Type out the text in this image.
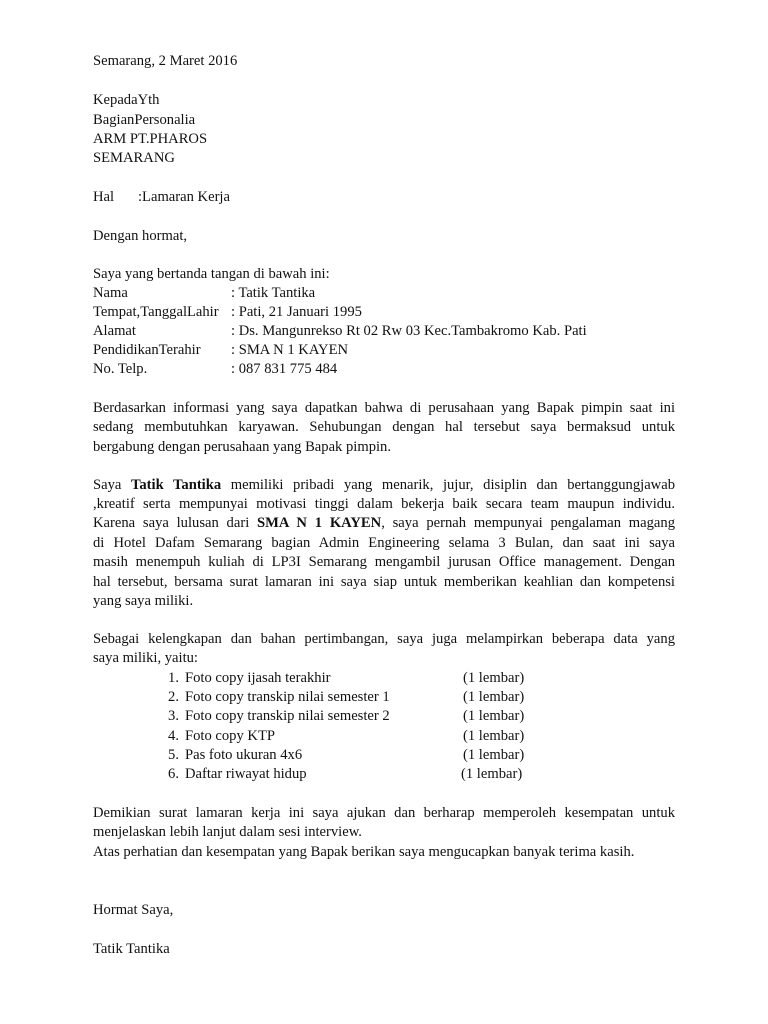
Semarang, 2 Maret 2016
KepadaYth
BagianPersonalia
ARM PT.PHAROS
SEMARANG
Hal :Lamaran Kerja
Dengan hormat,
Saya yang bertanda tangan di bawah ini:
Nama	: Tatik Tantika
Tempat,TanggalLahir : Pati, 21 Januari 1995
Alamat	: Ds. Mangunrekso Rt 02 Rw 03 Kec.Tambakromo Kab. Pati
PendidikanTerahir : SMA N 1 KAYEN
No. Telp.	: 087 831 775 484
Berdasarkan informasi yang saya dapatkan bahwa di perusahaan yang Bapak pimpin saat ini
sedang membutuhkan karyawan. Sehubungan dengan hal tersebut saya bermaksud untuk
bergabung dengan perusahaan yang Bapak pimpin.
Saya Tatik Tantika memiliki pribadi yang menarik, jujur, disiplin dan bertanggungjawab
,kreatif serta mempunyai motivasi tinggi dalam bekerja baik secara team maupun individu.
Karena saya lulusan dari SMA N 1 KAYEN, saya pernah mempunyai pengalaman magang
di Hotel Dafam Semarang bagian Admin Engineering selama 3 Bulan, dan saat ini saya
masih menempuh kuliah di LP3I Semarang mengambil jurusan Office management. Dengan
hal tersebut, bersama surat lamaran ini saya siap untuk memberikan keahlian dan kompetensi
yang saya miliki.
Sebagai kelengkapan dan bahan pertimbangan, saya juga melampirkan beberapa data yang
saya miliki, yaitu:
1. Foto copy ijasah terakhir	(1 lembar)
2. Foto copy transkip nilai semester 1	(1 lembar)
3. Foto copy transkip nilai semester 2	(1 lembar)
4. Foto copy KTP	(1 lembar)
5. Pas foto ukuran 4x6	(1 lembar)
6. Daftar riwayat hidup	(1 lembar)
Demikian surat lamaran kerja ini saya ajukan dan berharap memperoleh kesempatan untuk
menjelaskan lebih lanjut dalam sesi interview.
Atas perhatian dan kesempatan yang Bapak berikan saya mengucapkan banyak terima kasih.
Hormat Saya,
Tatik Tantika
